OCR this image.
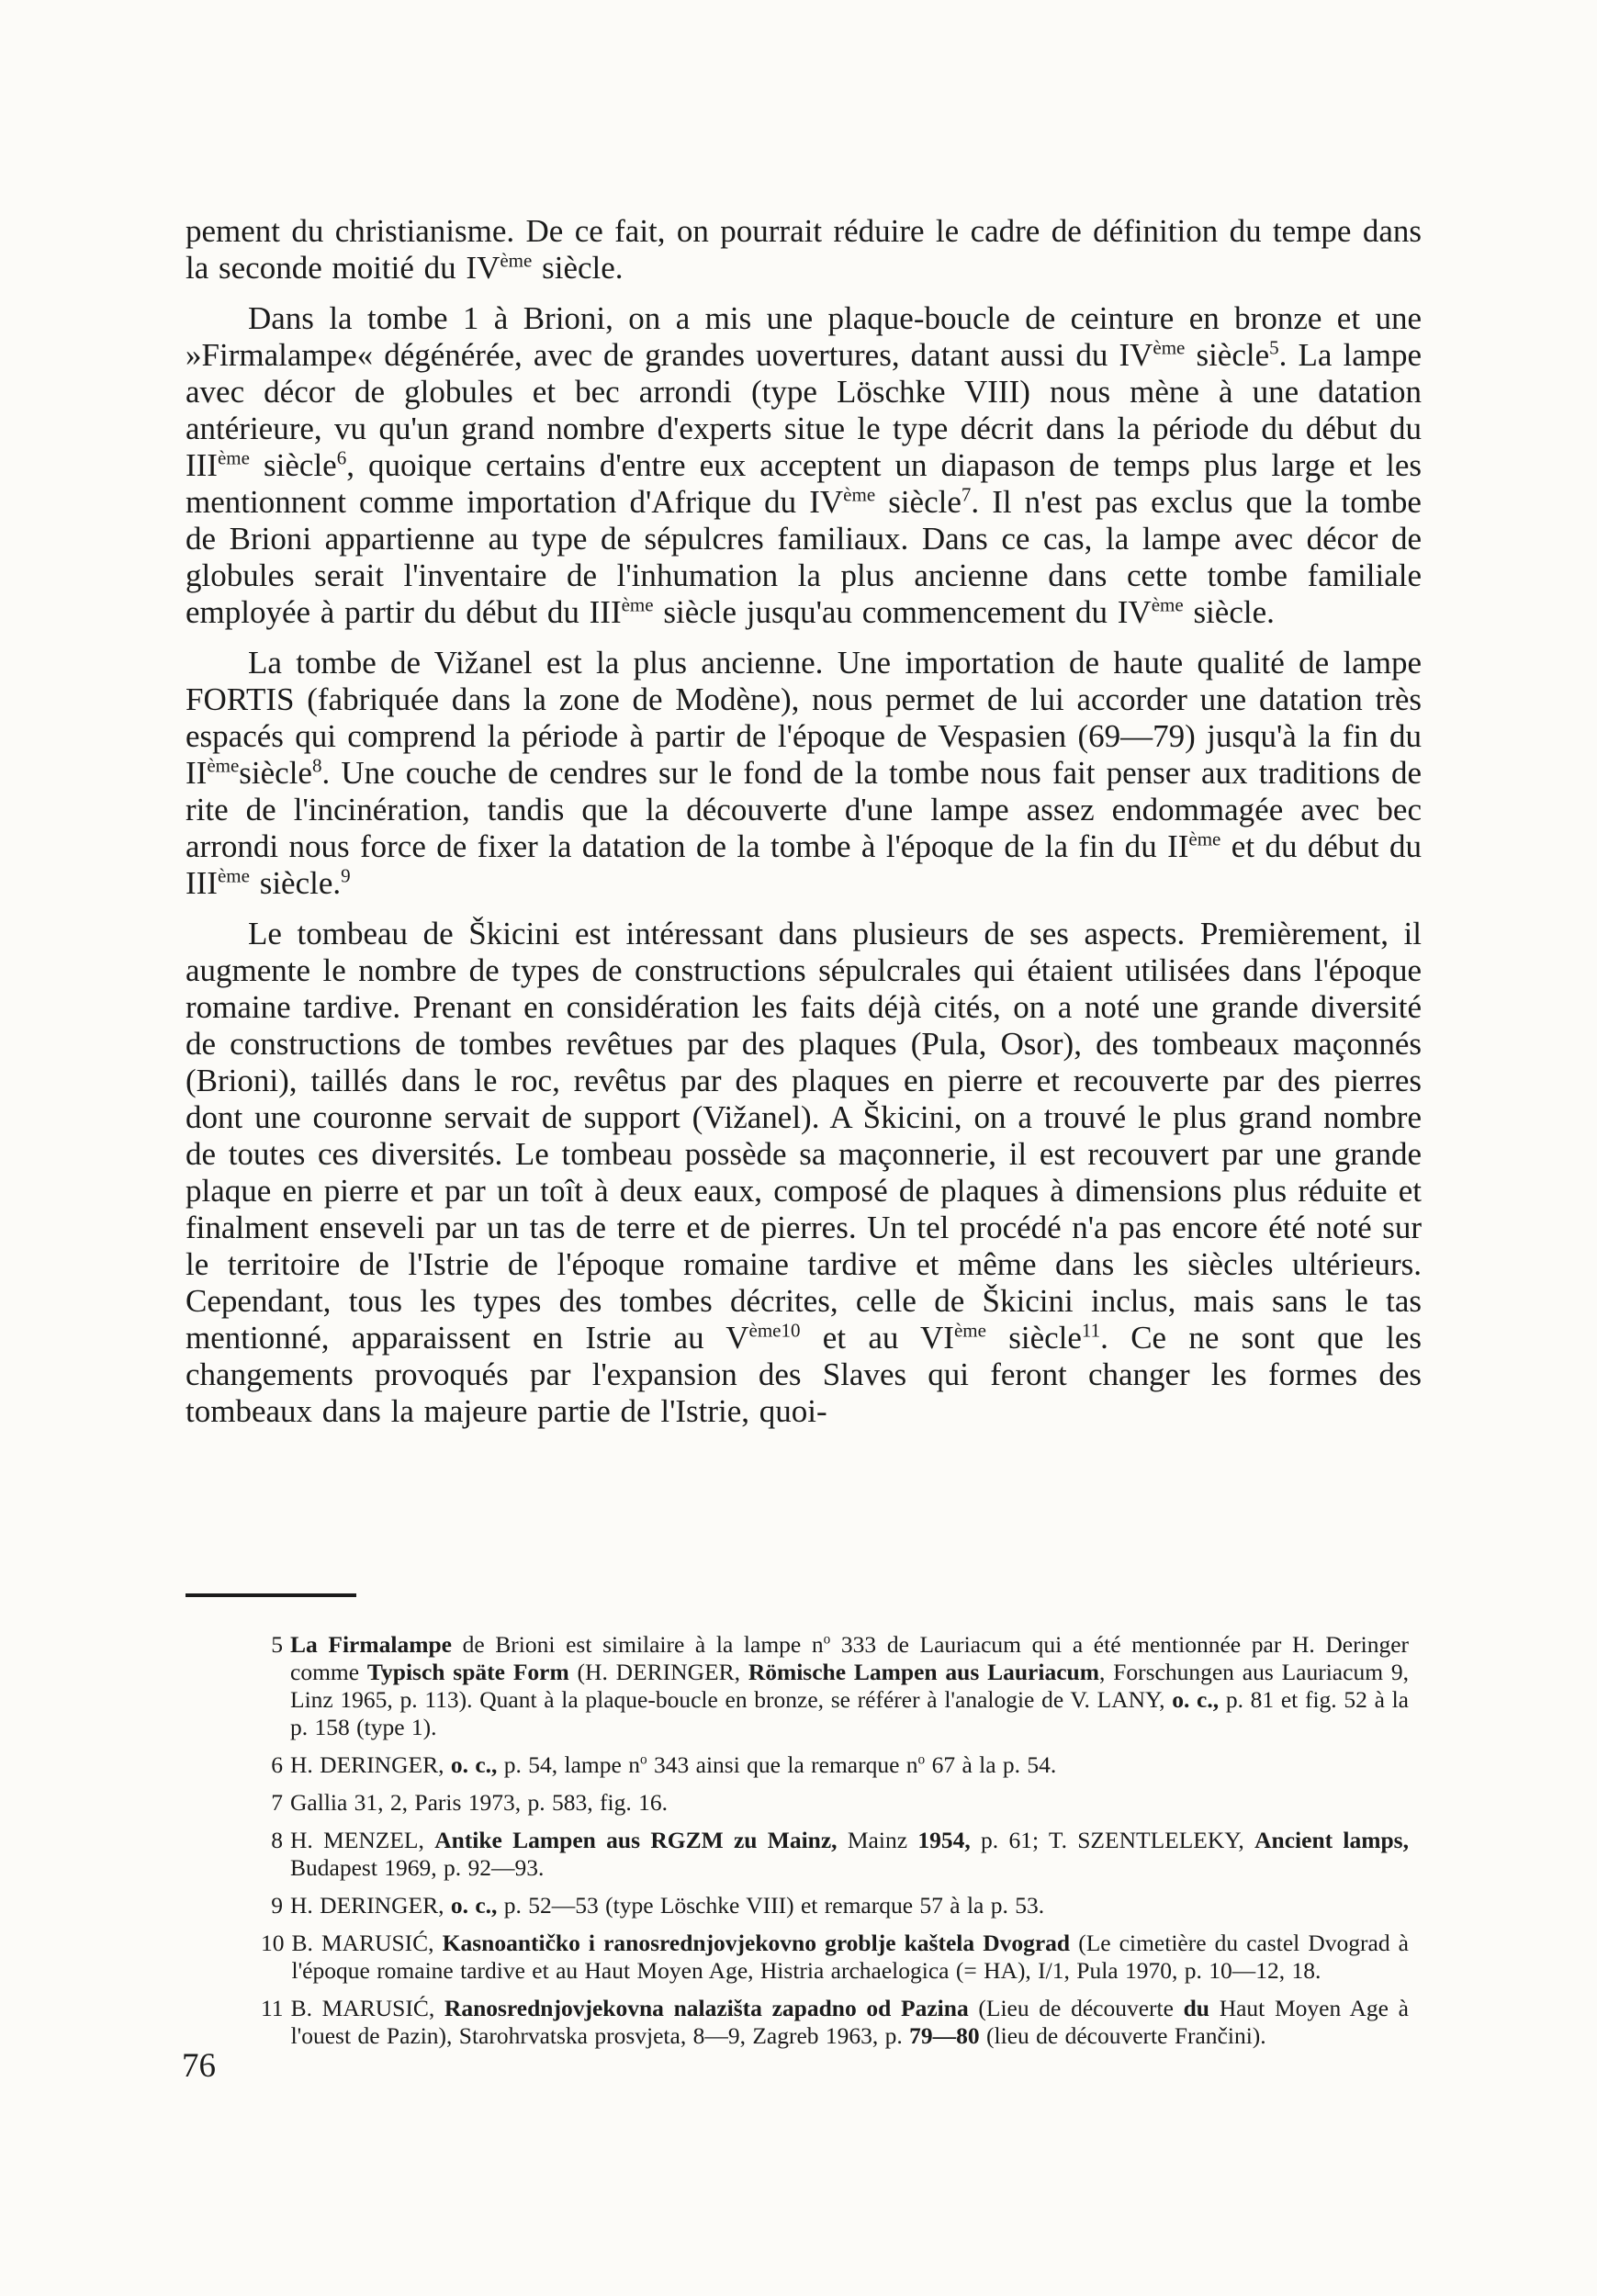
pement du christianisme. De ce fait, on pourrait réduire le cadre de définition du tempe dans la seconde moitié du IVème siècle.

Dans la tombe 1 à Brioni, on a mis une plaque-boucle de ceinture en bronze et une »Firmalampe« dégénérée, avec de grandes uovertures, datant aussi du IVème siècle$^5$. La lampe avec décor de globules et bec arrondi (type Löschke VIII) nous mène à une datation antérieure, vu qu'un grand nombre d'experts situe le type décrit dans la période du début du IIIème siècle$^6$, quoique certains d'entre eux acceptent un diapason de temps plus large et les mentionnent comme importation d'Afrique du IVème siècle$^7$. Il n'est pas exclus que la tombe de Brioni appartienne au type de sépulcres familiaux. Dans ce cas, la lampe avec décor de globules serait l'inventaire de l'inhumation la plus ancienne dans cette tombe familiale employée à partir du début du IIIème siècle jusqu'au commencement du IVème siècle.

La tombe de Vižanel est la plus ancienne. Une importation de haute qualité de lampe FORTIS (fabriquée dans la zone de Modène), nous permet de lui accorder une datation très espacés qui comprend la période à partir de l'époque de Vespasien (69—79) jusqu'à la fin du IIèmesiècle$^8$. Une couche de cendres sur le fond de la tombe nous fait penser aux traditions de rite de l'incinération, tandis que la découverte d'une lampe assez endommagée avec bec arrondi nous force de fixer la datation de la tombe à l'époque de la fin du IIème et du début du IIIème siècle.$^9$

Le tombeau de Škicini est intéressant dans plusieurs de ses aspects. Premièrement, il augmente le nombre de types de constructions sépulcrales qui étaient utilisées dans l'époque romaine tardive. Prenant en considération les faits déjà cités, on a noté une grande diversité de constructions de tombes revêtues par des plaques (Pula, Osor), des tombeaux maçonnés (Brioni), taillés dans le roc, revêtus par des plaques en pierre et recouverte par des pierres dont une couronne servait de support (Vižanel). A Škicini, on a trouvé le plus grand nombre de toutes ces diversités. Le tombeau possède sa maçonnerie, il est recouvert par une grande plaque en pierre et par un toît à deux eaux, composé de plaques à dimensions plus réduite et finalment enseveli par un tas de terre et de pierres. Un tel procédé n'a pas encore été noté sur le territoire de l'Istrie de l'époque romaine tardive et même dans les siècles ultérieurs. Cependant, tous les types des tombes décrites, celle de Škicini inclus, mais sans le tas mentionné, apparaissent en Istrie au $V^{ème10}$ et au VIème siècle$^{11}$. Ce ne sont que les changements provoqués par l'expansion des Slaves qui feront changer les formes des tombeaux dans la majeure partie de l'Istrie, quoi-

5 La Firmalampe de Brioni est similaire à la lampe $n^o$ 333 de Lauriacum qui a été mentionnée par H. Deringer comme Typisch späte Form (H. DERINGER, Römische Lampen aus Lauriacum, Forschungen aus Lauriacum 9, Linz 1965, p. 113). Quant à la plaque-boucle en bronze, se référer à l'analogie de V. LANY, o. c., p. 81 et fig. 52 à la p. 158 (type 1).
6 H. DERINGER, o. c., p. 54, lampe $n^o$ 343 ainsi que la remarque $n^o$ 67 à la p. 54.
7 Gallia 31, 2, Paris 1973, p. 583, fig. 16.
8 H. MENZEL, Antike Lampen aus RGZM zu Mainz, Mainz 1954, p. 61; T. SZENTLELEKY, Ancient lamps, Budapest 1969, p. 92—93.
9 H. DERINGER, o. c., p. 52—53 (type Löschke VIII) et remarque 57 à la p. 53.
10 B. MARUSIĆ, Kasnoantičko i ranosrednjovjekovno groblje kaštela Dvograd (Le cimetière du castel Dvograd à l'époque romaine tardive et au Haut Moyen Age, Histria archaelogica (= HA), I/1, Pula 1970, p. 10—12, 18.
11 B. MARUSIĆ, Ranosrednjovjekovna nalazišta zapadno od Pazina (Lieu de découverte du Haut Moyen Age à l'ouest de Pazin), Starohrvatska prosvjeta, 8—9, Zagreb 1963, p. 79—80 (lieu de découverte Frančini).
76
